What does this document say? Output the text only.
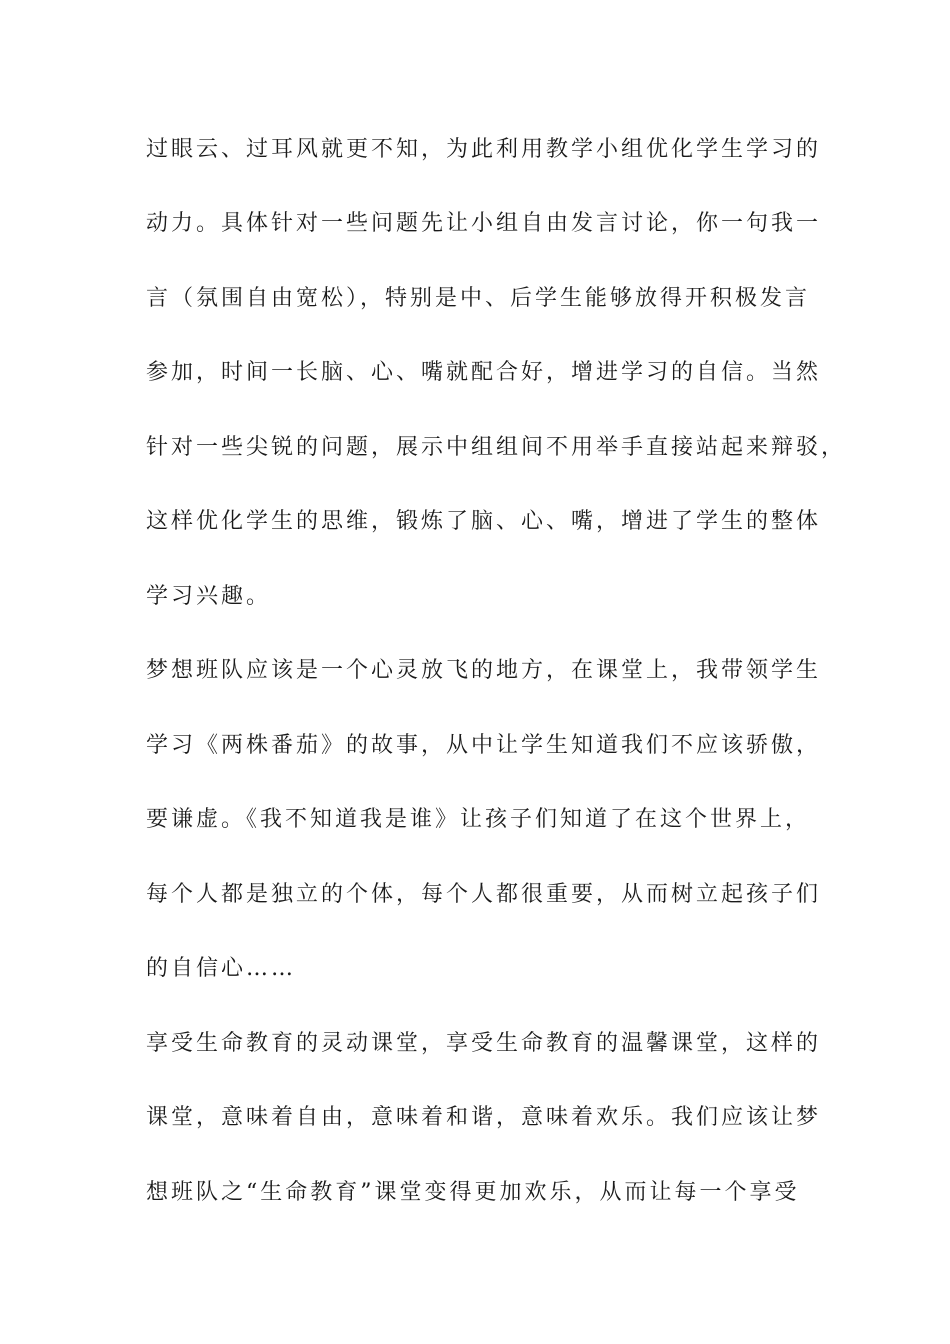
过眼云、过耳风就更不知，为此利用教学小组优化学生学习的
动力。具体针对一些问题先让小组自由发言讨论，你一句我一
言（氛围自由宽松），特别是中、后学生能够放得开积极发言
参加，时间一长脑、心、嘴就配合好，增进学习的自信。当然
针对一些尖锐的问题，展示中组组间不用举手直接站起来辩驳，
这样优化学生的思维，锻炼了脑、心、嘴，增进了学生的整体
学习兴趣。
梦想班队应该是一个心灵放飞的地方，在课堂上，我带领学生
学习《两株番茄》的故事，从中让学生知道我们不应该骄傲，
要谦虚。《我不知道我是谁》让孩子们知道了在这个世界上，
每个人都是独立的个体，每个人都很重要，从而树立起孩子们
的自信心……
享受生命教育的灵动课堂，享受生命教育的温馨课堂，这样的
课堂，意味着自由，意味着和谐，意味着欢乐。我们应该让梦
想班队之“生命教育”课堂变得更加欢乐，从而让每一个享受
